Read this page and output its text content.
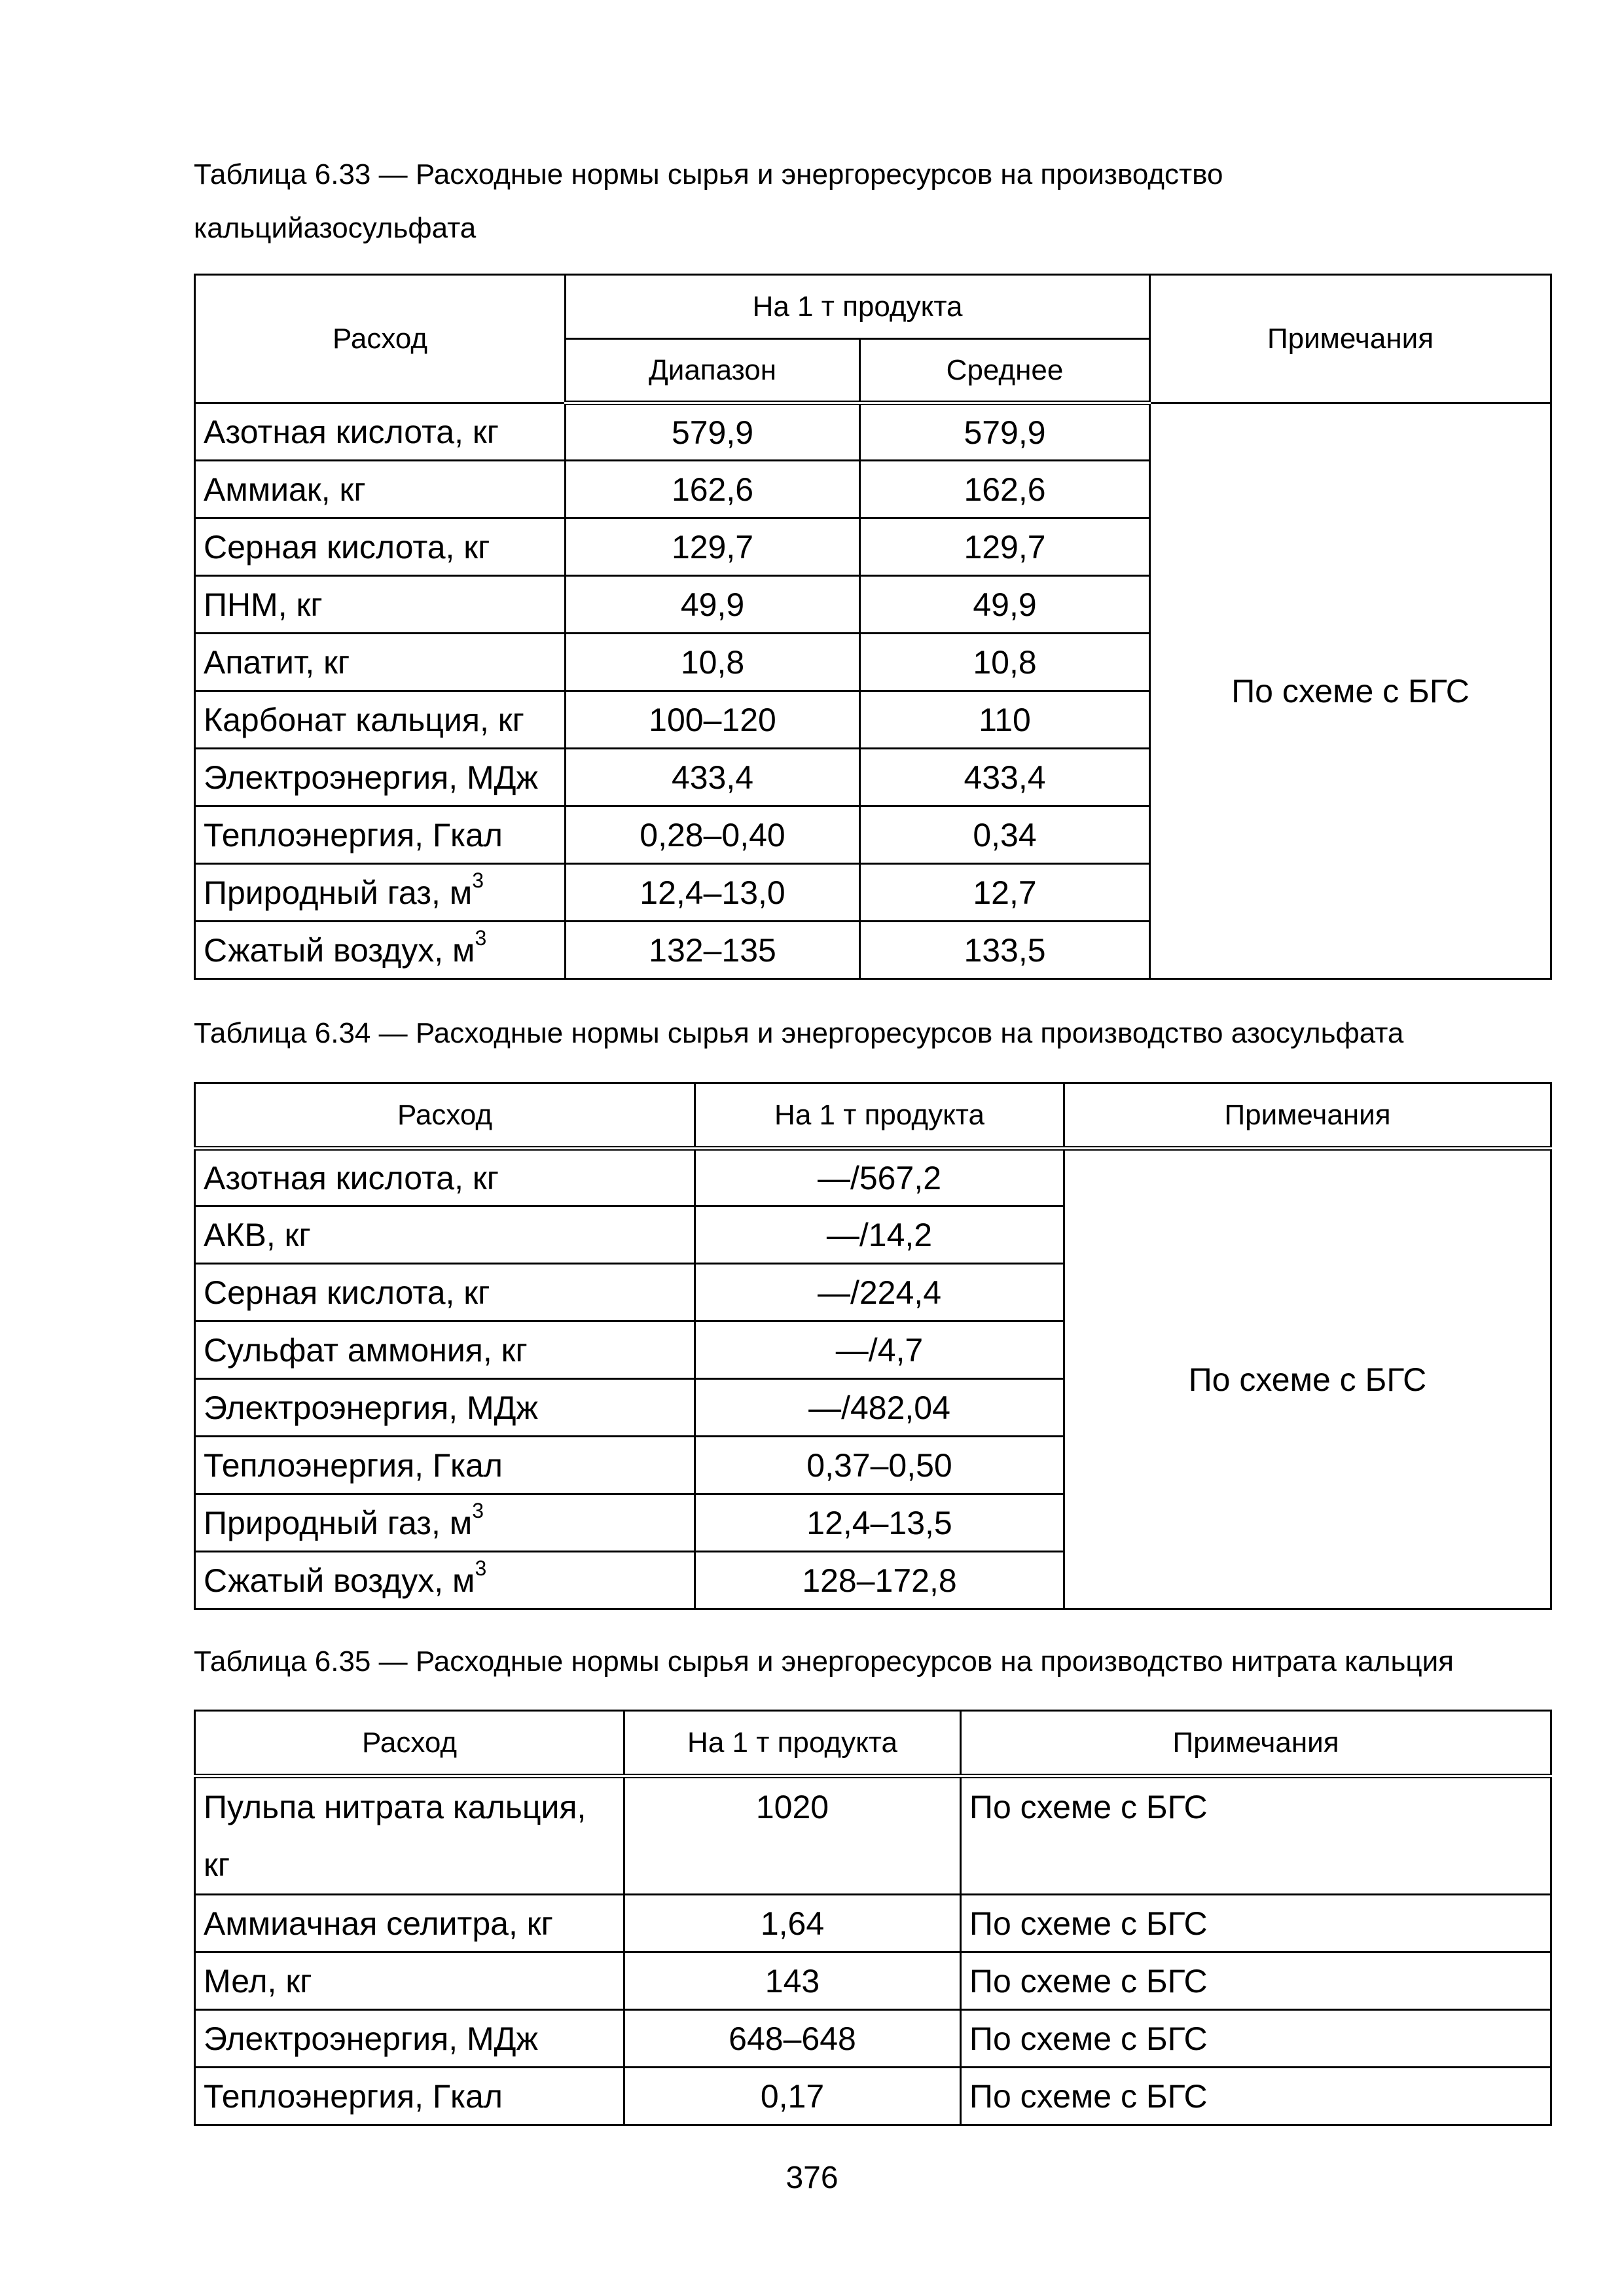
Таблица 6.33 — Расходные нормы сырья и энергоресурсов на производство
кальцийазосульфата
Расход	На 1 т продукта		Примечания
	Диапазон	Среднее	
Азотная кислота, кг	579,9	579,9	По схеме с БГС
Аммиак, кг	162,6	162,6	
Серная кислота, кг	129,7	129,7	
ПНМ, кг	49,9	49,9	
Апатит, кг	10,8	10,8	
Карбонат кальция, кг	100–120	110	
Электроэнергия, МДж	433,4	433,4	
Теплоэнергия, Гкал	0,28–0,40	0,34	
Природный газ, $м^3$	12,4–13,0	12,7	
Сжатый воздух, $м^3$	132–135	133,5	
Таблица 6.34 — Расходные нормы сырья и энергоресурсов на производство азосульфата
Расход	На 1 т продукта	Примечания
Азотная кислота, кг	—/567,2	По схеме с БГС
АКВ, кг	—/14,2	
Серная кислота, кг	—/224,4	
Сульфат аммония, кг	—/4,7	
Электроэнергия, МДж	—/482,04	
Теплоэнергия, Гкал	0,37–0,50	
Природный газ, $м^3$	12,4–13,5	
Сжатый воздух, $м^3$	128–172,8	
Таблица 6.35 — Расходные нормы сырья и энергоресурсов на производство нитрата кальция
Расход	На 1 т продукта	Примечания

Пульпа нитрата кальция,
кг	1020	По схеме с БГС
Аммиачная селитра, кг	1,64	По схеме с БГС
Мел, кг	143	По схеме с БГС
Электроэнергия, МДж	648–648	По схеме с БГС
Теплоэнергия, Гкал	0,17	По схеме с БГС
376
